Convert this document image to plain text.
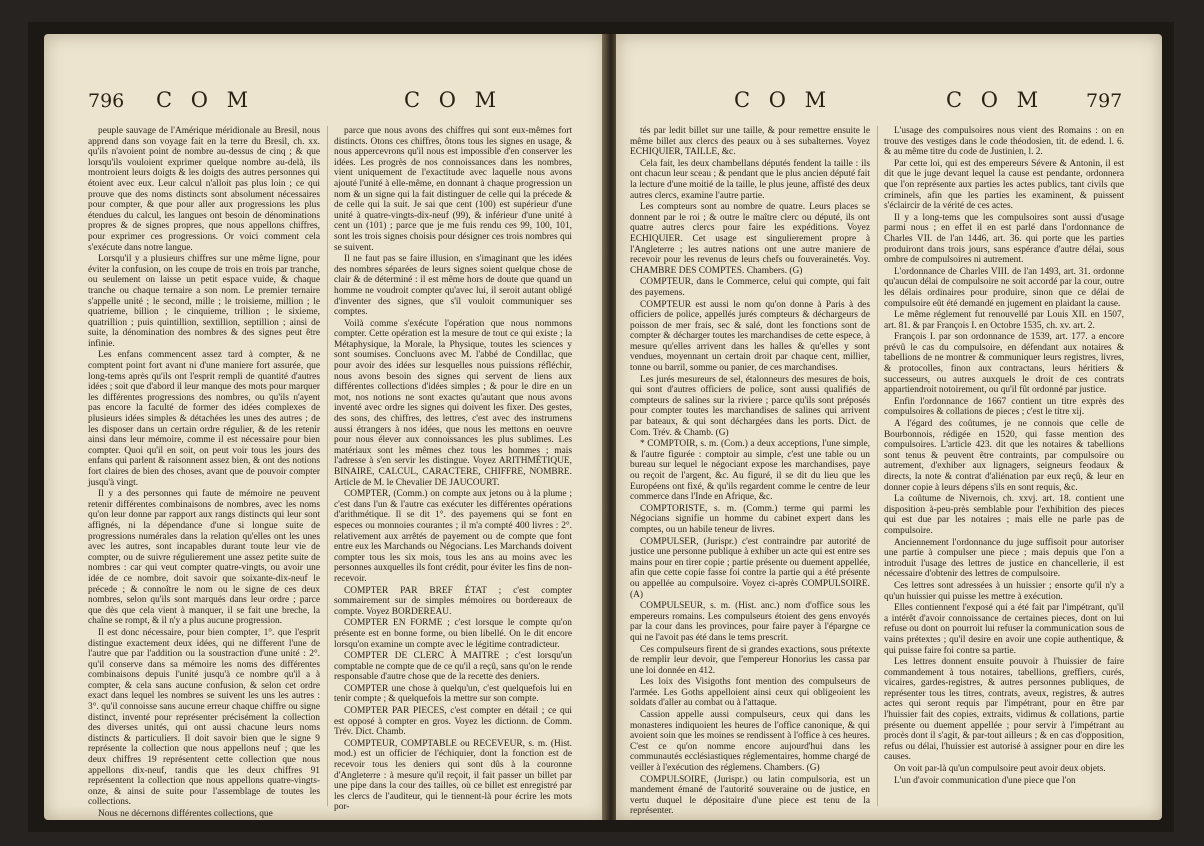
796 C O M	C O M

peuple sauvage de l'Amérique méridionale au Bresil, nous apprend dans son voyage fait en la terre du Bresil, ch. xx. qu'ils n'avoient point de nombre au-dessus de cinq ; & que lorsqu'ils vouloient exprimer quelque nombre au-delà, ils montroient leurs doigts & les doigts des autres personnes qui étoient avec eux. Leur calcul n'alloit pas plus loin ; ce qui prouve que des noms distincts sont absolument nécessaires pour compter, & que pour aller aux progressions les plus étendues du calcul, les langues ont besoin de dénominations propres & de signes propres, que nous appellons chiffres, pour exprimer ces progressions. Or voici comment cela s'exécute dans notre langue.

Lorsqu'il y a plusieurs chiffres sur une même ligne, pour éviter la confusion, on les coupe de trois en trois par tranche, ou seulement on laisse un petit espace vuide, & chaque tranche ou chaque ternaire a son nom. Le premier ternaire s'appelle unité ; le second, mille ; le troisieme, million ; le quatrieme, billion ; le cinquieme, trillion ; le sixieme, quatrillion ; puis quintillion, sextillion, septillion ; ainsi de suite, la dénomination des nombres & des signes peut être infinie.

Les enfans commencent assez tard à compter, & ne comptent point fort avant ni d'une maniere fort assurée, que long-tems après qu'ils ont l'esprit rempli de quantité d'autres idées ; soit que d'abord il leur manque des mots pour marquer les différentes progressions des nombres, ou qu'ils n'ayent pas encore la faculté de former des idées complexes de plusieurs idées simples & détachées les unes des autres ; de les disposer dans un certain ordre régulier, & de les retenir ainsi dans leur mémoire, comme il est nécessaire pour bien compter. Quoi qu'il en soit, on peut voir tous les jours des enfans qui parlent & raisonnent assez bien, & ont des notions fort claires de bien des choses, avant que de pouvoir compter jusqu'à vingt.

Il y a des personnes qui faute de mémoire ne peuvent retenir différentes combinaisons de nombres, avec les noms qu'on leur donne par rapport aux rangs distincts qui leur sont affignés, ni la dépendance d'une si longue suite de progressions numérales dans la relation qu'elles ont les unes avec les autres, sont incapables durant toute leur vie de compter, ou de suivre régulierement une assez petite suite de nombres : car qui veut compter quatre-vingts, ou avoir une idée de ce nombre, doit savoir que soixante-dix-neuf le précede ; & connoître le nom ou le signe de ces deux nombres, selon qu'ils sont marqués dans leur ordre ; parce que dès que cela vient à manquer, il se fait une breche, la chaîne se rompt, & il n'y a plus aucune progression.

Il est donc nécessaire, pour bien compter, 1°. que l'esprit distingue exactement deux idées, qui ne different l'une de l'autre que par l'addition ou la soustraction d'une unité : 2°. qu'il conserve dans sa mémoire les noms des différentes combinaisons depuis l'unité jusqu'à ce nombre qu'il a à compter, & cela sans aucune confusion, & selon cet ordre exact dans lequel les nombres se suivent les uns les autres : 3°. qu'il connoisse sans aucune erreur chaque chiffre ou signe distinct, inventé pour représenter précisément la collection des diverses unités, qui ont aussi chacune leurs noms distincts & particuliers. Il doit savoir bien que le signe 9 représente la collection que nous appellons neuf ; que les deux chiffres 19 représentent cette collection que nous appellons dix-neuf, tandis que les deux chiffres 91 représentent la collection que nous appellons quatre-vingts-onze, & ainsi de suite pour l'assemblage de toutes les collections.

Nous ne décernons différentes collections, que

parce que nous avons des chiffres qui sont eux-mêmes fort distincts. Otons ces chiffres, ôtons tous les signes en usage, & nous appercevrons qu'il nous est impossible d'en conserver les idées. Les progrès de nos connoissances dans les nombres, vient uniquement de l'exactitude avec laquelle nous avons ajouté l'unité à elle-même, en donnant à chaque progression un nom & un signe qui la fait distinguer de celle qui la précede & de celle qui la suit. Je sai que cent (100) est supérieur d'une unité à quatre-vingts-dix-neuf (99), & inférieur d'une unité à cent un (101) ; parce que je me fuis rendu ces 99, 100, 101, sont les trois signes choisis pour désigner ces trois nombres qui se suivent.

Il ne faut pas se faire illusion, en s'imaginant que les idées des nombres séparées de leurs signes soient quelque chose de clair & de déterminé : il est même hors de doute que quand un homme ne voudroit compter qu'avec lui, il seroit autant obligé d'inventer des signes, que s'il vouloit communiquer ses comptes.

Voilà comme s'exécute l'opération que nous nommons compter. Cette opération est la mesure de tout ce qui existe ; la Métaphysique, la Morale, la Physique, toutes les sciences y sont soumises. Concluons avec M. l'abbé de Condillac, que pour avoir des idées sur lesquelles nous puissions réfléchir, nous avons besoin des signes qui servent de liens aux différentes collections d'idées simples ; & pour le dire en un mot, nos notions ne sont exactes qu'autant que nous avons inventé avec ordre les signes qui doivent les fixer. Des gestes, des sons, des chiffres, des lettres, c'est avec des instrumens aussi étrangers à nos idées, que nous les mettons en oeuvre pour nous élever aux connoissances les plus sublimes. Les matériaux sont les mêmes chez tous les hommes ; mais l'adresse à s'en servir les distingue. Voyez ARITHMÉTIQUE, BINAIRE, CALCUL, CARACTERE, CHIFFRE, NOMBRE. Article de M. le Chevalier DE JAUCOURT.

COMPTER, (Comm.) on compte aux jetons ou à la plume ; c'est dans l'un & l'autre cas exécuter les différentes opérations d'arithmétique. Il se dit 1°. des payemens qui se font en especes ou monnoies courantes ; il m'a compté 400 livres : 2°. relativement aux arrêtés de payement ou de compte que font entre eux les Marchands ou Négocians. Les Marchands doivent compter tous les six mois, tous les ans au moins avec les personnes auxquelles ils font crédit, pour éviter les fins de non-recevoir.

COMPTER PAR BREF ÉTAT ; c'est compter sommairement sur de simples mémoires ou bordereaux de compte. Voyez BORDEREAU.

COMPTER EN FORME ; c'est lorsque le compte qu'on présente est en bonne forme, ou bien libellé. On le dit encore lorsqu'on examine un compte avec le légitime contradicteur.

COMPTER DE CLERC À MAITRE ; c'est lorsqu'un comptable ne compte que de ce qu'il a reçû, sans qu'on le rende responsable d'autre chose que de la recette des deniers.

COMPTER une chose à quelqu'un, c'est quelquefois lui en tenir compte ; & quelquefois la mettre sur son compte.

COMPTER PAR PIECES, c'est compter en détail ; ce qui est opposé à compter en gros. Voyez les dictionn. de Comm. Trév. Dict. Chamb.

COMPTEUR, COMPTABLE ou RECEVEUR, s. m. (Hist. mod.) est un officier de l'échiquier, dont la fonction est de recevoir tous les deniers qui sont dûs à la couronne d'Angleterre : à mesure qu'il reçoit, il fait passer un billet par une pipe dans la cour des tailles, où ce billet est enregistré par les clercs de l'auditeur, qui le tiennent-là pour écrire les mots por-

C O M	C O M 797

tés par ledit billet sur une taille, & pour remettre ensuite le même billet aux clercs des peaux ou à ses subalternes. Voyez ECHIQUIER, TAILLE, &c.

Cela fait, les deux chambellans députés fendent la taille : ils ont chacun leur sceau ; & pendant que le plus ancien député fait la lecture d'une moitié de la taille, le plus jeune, affisté des deux autres clercs, examine l'autre partie.

Les compteurs sont au nombre de quatre. Leurs places se donnent par le roi ; & outre le maître clerc ou député, ils ont quatre autres clercs pour faire les expéditions. Voyez ECHIQUIER. Cet usage est singulierement propre à l'Angleterre ; les autres nations ont une autre maniere de recevoir pour les revenus de leurs chefs ou fouverainetés. Voy. CHAMBRE DES COMPTES. Chambers. (G)

COMPTEUR, dans le Commerce, celui qui compte, qui fait des payemens.

COMPTEUR est aussi le nom qu'on donne à Paris à des officiers de police, appellés jurés compteurs & déchargeurs de poisson de mer frais, sec & salé, dont les fonctions sont de compter & décharger toutes les marchandises de cette espece, à mesure qu'elles arrivent dans les halles & qu'elles y sont vendues, moyennant un certain droit par chaque cent, millier, tonne ou barril, somme ou panier, de ces marchandises.

Les jurés mesureurs de sel, étalonneurs des mesures de bois, qui sont d'autres officiers de police, sont aussi qualifiés de compteurs de salines sur la riviere ; parce qu'ils sont préposés pour compter toutes les marchandises de salines qui arrivent par bateaux, & qui sont déchargées dans les ports. Dict. de Com. Trév. & Chamb. (G)

* COMPTOIR, s. m. (Com.) a deux acceptions, l'une simple, & l'autre figurée : comptoir au simple, c'est une table ou un bureau sur lequel le négociant expose les marchandises, paye ou reçoit de l'argent, &c. Au figuré, il se dit du lieu que les Européens ont fixé, & qu'ils regardent comme le centre de leur commerce dans l'Inde en Afrique, &c.

COMPTORISTE, s. m. (Comm.) terme qui parmi les Négocians signifie un homme du cabinet expert dans les comptes, ou un habile teneur de livres.

COMPULSER, (Jurispr.) c'est contraindre par autorité de justice une personne publique à exhiber un acte qui est entre ses mains pour en tirer copie ; partie présente ou duement appellée, afin que cette copie fasse foi contre la partie qui a été présente ou appellée au compulsoire. Voyez ci-après COMPULSOIRE. (A)

COMPULSEUR, s. m. (Hist. anc.) nom d'office sous les empereurs romains. Les compulseurs étoient des gens envoyés par la cour dans les provinces, pour faire payer à l'épargne ce qui ne l'avoit pas été dans le tems prescrit.

Ces compulseurs firent de si grandes exactions, sous prétexte de remplir leur devoir, que l'empereur Honorius les cassa par une loi donnée en 412.

Les loix des Visigoths font mention des compulseurs de l'armée. Les Goths appelloient ainsi ceux qui obligeoient les soldats d'aller au combat ou à l'attaque.

Cassion appelle aussi compulseurs, ceux qui dans les monasteres indiquoient les heures de l'office canonique, & qui avoient soin que les moines se rendissent à l'office à ces heures. C'est ce qu'on nomme encore aujourd'hui dans les communautés ecclésiastiques réglementaires, homme chargé de veiller à l'exécution des réglemens. Chambers. (G)

COMPULSOIRE, (Jurispr.) ou latin compulsoria, est un mandement émané de l'autorité souveraine ou de justice, en vertu duquel le dépositaire d'une piece est tenu de la représenter.

L'usage des compulsoires nous vient des Romains : on en trouve des vestiges dans le code théodosien, tit. de edend. l. 6. & au même titre du code de Justinien, l. 2.

Par cette loi, qui est des empereurs Sévere & Antonin, il est dit que le juge devant lequel la cause est pendante, ordonnera que l'on représente aux parties les actes publics, tant civils que criminels, afin que les parties les examinent, & puissent s'éclaircir de la vérité de ces actes.

Il y a long-tems que les compulsoires sont aussi d'usage parmi nous ; en effet il en est parlé dans l'ordonnance de Charles VII. de l'an 1446, art. 36. qui porte que les parties produiront dans trois jours, sans espérance d'autre délai, sous ombre de compulsoires ni autrement.

L'ordonnance de Charles VIII. de l'an 1493, art. 31. ordonne qu'aucun délai de compulsoire ne soit accordé par la cour, outre les délais ordinaires pour produire, sinon que ce délai de compulsoire eût été demandé en jugement en plaidant la cause.

Le même réglement fut renouvellé par Louis XII. en 1507, art. 81. & par François I. en Octobre 1535, ch. xv. art. 2.

François I. par son ordonnance de 1539, art. 177. a encore prévû le cas du compulsoire, en défendant aux notaires & tabellions de ne montrer & communiquer leurs registres, livres, & protocolles, finon aux contractans, leurs héritiers & successeurs, ou autres auxquels le droit de ces contrats appartiendroit notoirement, ou qu'il fût ordonné par justice.

Enfin l'ordonnance de 1667 contient un titre exprès des compulsoires & collations de pieces ; c'est le titre xij.

A l'égard des coûtumes, je ne connois que celle de Bourbonnois, rédigée en 1520, qui fasse mention des compulsoires. L'article 423. dit que les notaires & tabellions sont tenus & peuvent être contraints, par compulsoire ou autrement, d'exhiber aux lignagers, seigneurs feodaux & directs, la note & contrat d'aliénation par eux reçû, & leur en donner copie à leurs dépens s'ils en sont requis, &c.

La coûtume de Nivernois, ch. xxvj. art. 18. contient une disposition à-peu-près semblable pour l'exhibition des pieces qui est due par les notaires ; mais elle ne parle pas de compulsoire.

Anciennement l'ordonnance du juge suffisoit pour autoriser une partie à compulser une piece ; mais depuis que l'on a introduit l'usage des lettres de justice en chancellerie, il est nécessaire d'obtenir des lettres de compulsoire.

Ces lettres sont adressées à un huissier ; ensorte qu'il n'y a qu'un huissier qui puisse les mettre à exécution.

Elles contiennent l'exposé qui a été fait par l'impétrant, qu'il a intérêt d'avoir connoissance de certaines pieces, dont on lui refuse ou dont on pourroit lui refuser la communication sous de vains prétextes ; qu'il desire en avoir une copie authentique, & qui puisse faire foi contre sa partie.

Les lettres donnent ensuite pouvoir à l'huissier de faire commandement à tous notaires, tabellions, greffiers, curés, vicaires, gardes-registres, & autres personnes publiques, de représenter tous les titres, contrats, aveux, registres, & autres actes qui seront requis par l'impétrant, pour en être par l'huissier fait des copies, extraits, vidimus & collations, partie présente ou duement appellée ; pour servir à l'impétrant au procès dont il s'agit, & par-tout ailleurs ; & en cas d'opposition, refus ou délai, l'huissier est autorisé à assigner pour en dire les causes.

On voit par-là qu'un compulsoire peut avoir deux objets.

L'un d'avoir communication d'une piece que l'on
